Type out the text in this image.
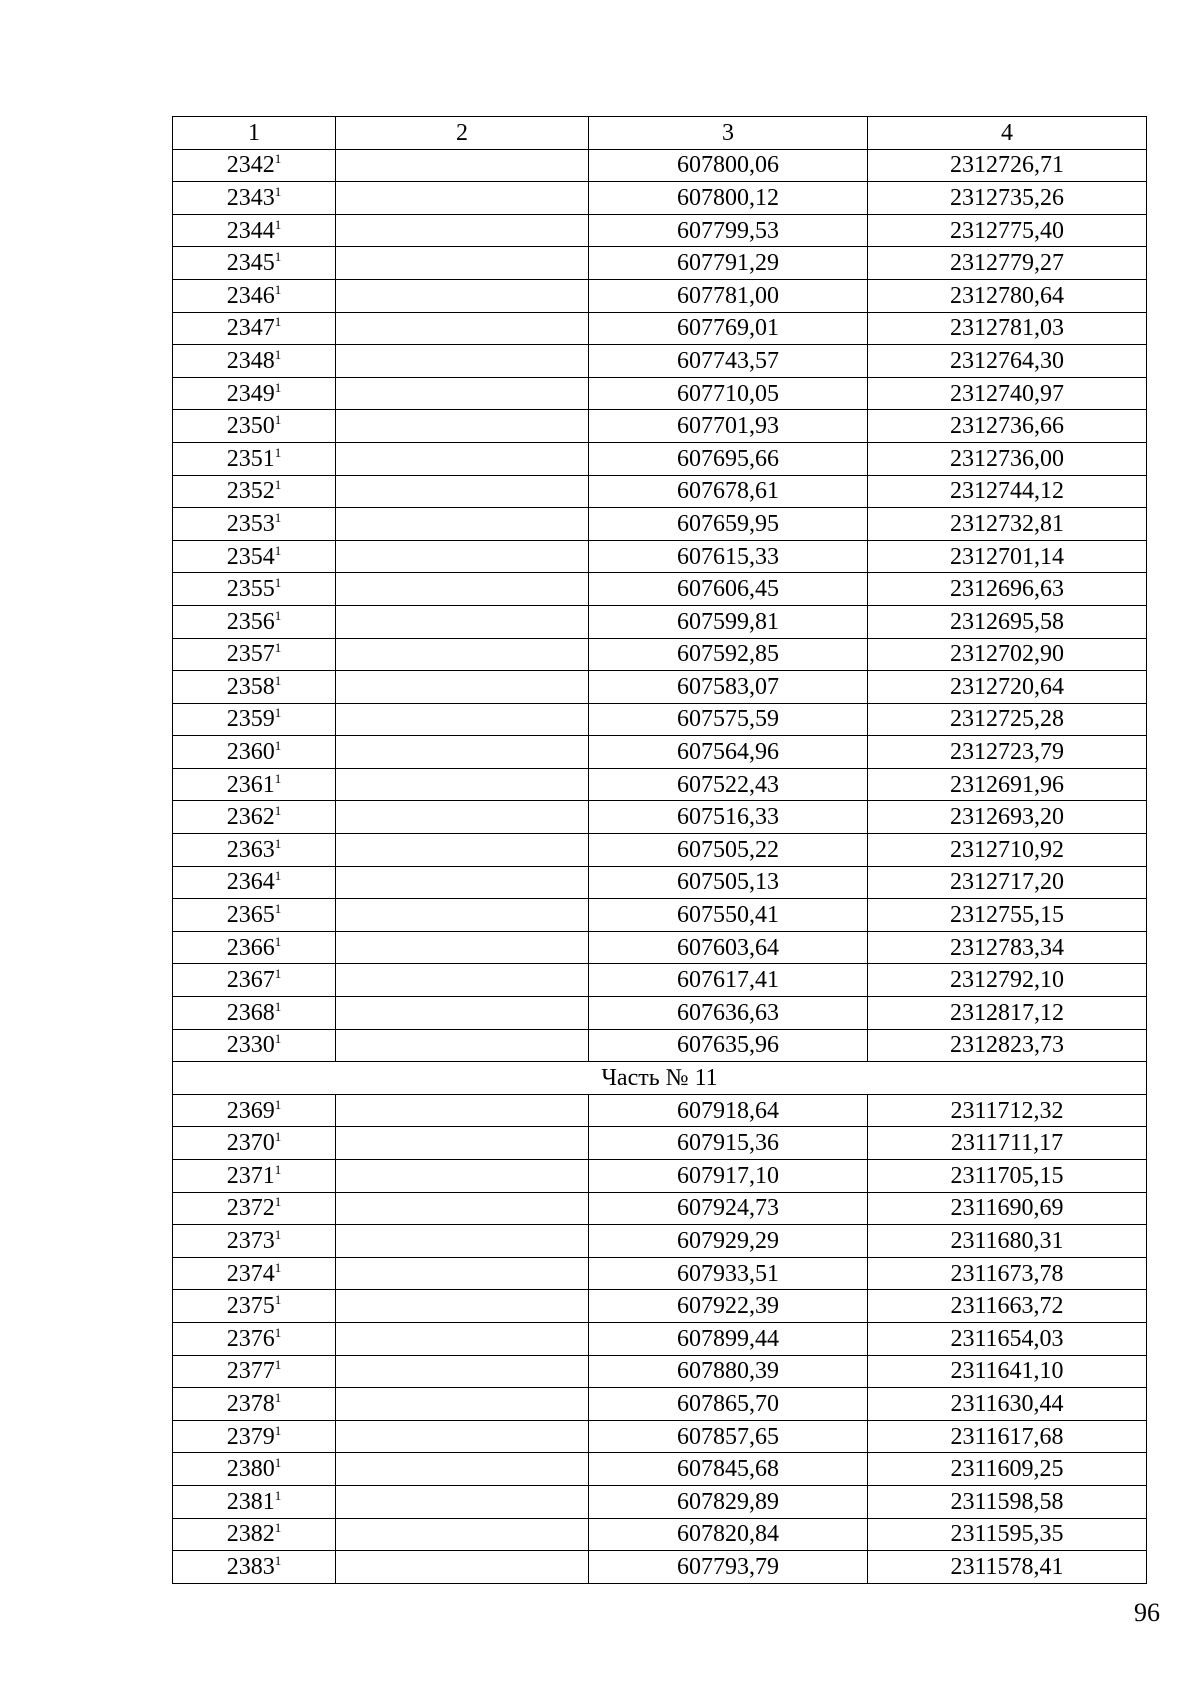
1	2	3	4
2342$^1$		607800,06	2312726,71
2343$^1$		607800,12	2312735,26
2344$^1$		607799,53	2312775,40
2345$^1$		607791,29	2312779,27
2346$^1$		607781,00	2312780,64
2347$^1$		607769,01	2312781,03
2348$^1$		607743,57	2312764,30
2349$^1$		607710,05	2312740,97
2350$^1$		607701,93	2312736,66
2351$^1$		607695,66	2312736,00
2352$^1$		607678,61	2312744,12
2353$^1$		607659,95	2312732,81
2354$^1$		607615,33	2312701,14
2355$^1$		607606,45	2312696,63
2356$^1$		607599,81	2312695,58
2357$^1$		607592,85	2312702,90
2358$^1$		607583,07	2312720,64
2359$^1$		607575,59	2312725,28
2360$^1$		607564,96	2312723,79
2361$^1$		607522,43	2312691,96
2362$^1$		607516,33	2312693,20
2363$^1$		607505,22	2312710,92
2364$^1$		607505,13	2312717,20
2365$^1$		607550,41	2312755,15
2366$^1$		607603,64	2312783,34
2367$^1$		607617,41	2312792,10
2368$^1$		607636,63	2312817,12
2330$^1$		607635,96	2312823,73
Часть № 11			
2369$^1$		607918,64	2311712,32
2370$^1$		607915,36	2311711,17
2371$^1$		607917,10	2311705,15
2372$^1$		607924,73	2311690,69
2373$^1$		607929,29	2311680,31
2374$^1$		607933,51	2311673,78
2375$^1$		607922,39	2311663,72
2376$^1$		607899,44	2311654,03
2377$^1$		607880,39	2311641,10
2378$^1$		607865,70	2311630,44
2379$^1$		607857,65	2311617,68
2380$^1$		607845,68	2311609,25
2381$^1$		607829,89	2311598,58
2382$^1$		607820,84	2311595,35
2383$^1$		607793,79	2311578,41
96
